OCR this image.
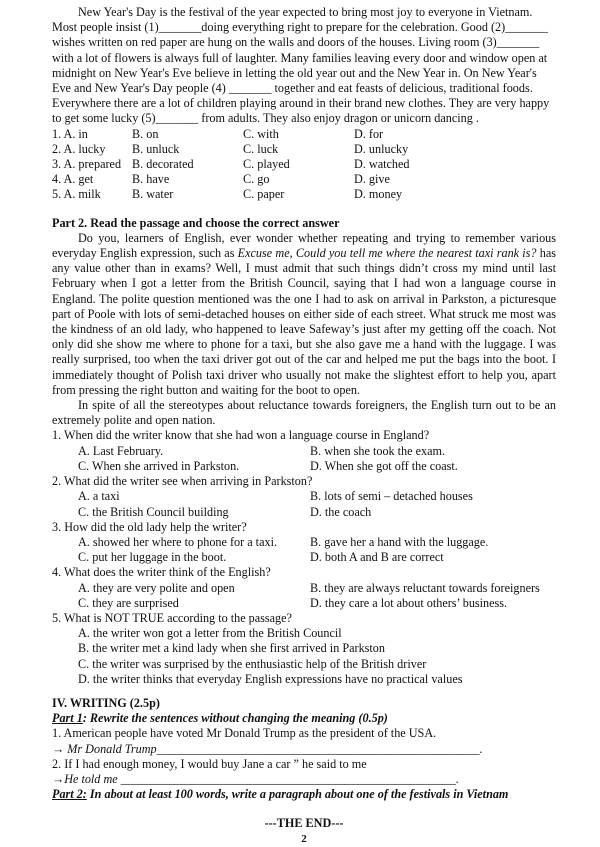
New Year's Day is the festival of the year expected to bring most joy to everyone in Vietnam.

Most people insist (1)_______doing everything right to prepare for the celebration. Good (2)_______

wishes written on red paper are hung on the walls and doors of the houses. Living room (3)_______

with a lot of flowers is always full of laughter. Many families leaving every door and window open at

midnight on New Year's Eve believe in letting the old year out and the New Year in. On New Year's

Eve and New Year's Day people (4) _______ together and eat feasts of delicious, traditional foods.

Everywhere there are a lot of children playing around in their brand new clothes. They are very happy

to get some lucky (5)_______ from adults. They also enjoy dragon or unicorn dancing .

1. A. in	B. on	C. with	D. for
2. A. lucky	B. unluck	C. luck	D. unlucky
3. A. prepared B. decorated	C. played	D. watched
4. A. get	B. have	C. go	D. give
5. A. milk	B. water	C. paper	D. money

Part 2. Read the passage and choose the correct answer

Do you, learners of English, ever wonder whether repeating and trying to remember various everyday English expression, such as Excuse me, Could you tell me where the nearest taxi rank is? has any value other than in exams? Well, I must admit that such things didn’t cross my mind until last February when I got a letter from the British Council, saying that I had won a language course in England. The polite question mentioned was the one I had to ask on arrival in Parkston, a picturesque part of Poole with lots of semi-detached houses on either side of each street. What struck me most was the kindness of an old lady, who happened to leave Safeway’s just after my getting off the coach. Not only did she show me where to phone for a taxi, but she also gave me a hand with the luggage. I was really surprised, too when the taxi driver got out of the car and helped me put the bags into the boot. I immediately thought of Polish taxi driver who usually not make the slightest effort to help you, apart from pressing the right button and waiting for the boot to open.

In spite of all the stereotypes about reluctance towards foreigners, the English turn out to be an extremely polite and open nation.

1. When did the writer know that she had won a language course in England?

A. Last February.	B. when she took the exam.
C. When she arrived in Parkston.	D. When she got off the coast.

2. What did the writer see when arriving in Parkston?

A. a taxi	B. lots of semi – detached houses
C. the British Council building	D. the coach

3. How did the old lady help the writer?

A. showed her where to phone for a taxi.	B. gave her a hand with the luggage.
C. put her luggage in the boot.	D. both A and B are correct

4. What does the writer think of the English?

A. they are very polite and open	B. they are always reluctant towards foreigners
C. they are surprised	D. they care a lot about others’ business.

5. What is NOT TRUE according to the passage?

A. the writer won got a letter from the British Council

B. the writer met a kind lady when she first arrived in Parkston

C. the writer was surprised by the enthusiastic help of the British driver

D. the writer thinks that everyday English expressions have no practical values

IV. WRITING (2.5p)

Part 1: Rewrite the sentences without changing the meaning (0.5p)

1. American people have voted Mr Donald Trump as the president of the USA.

→ Mr Donald Trump_____________________________________________________.

2. If I had enough money, I would buy Jane a car ” he said to me

→He told me _______________________________________________________.

Part 2: In about at least 100 words, write a paragraph about one of the festivals in Vietnam

---THE END---

2
